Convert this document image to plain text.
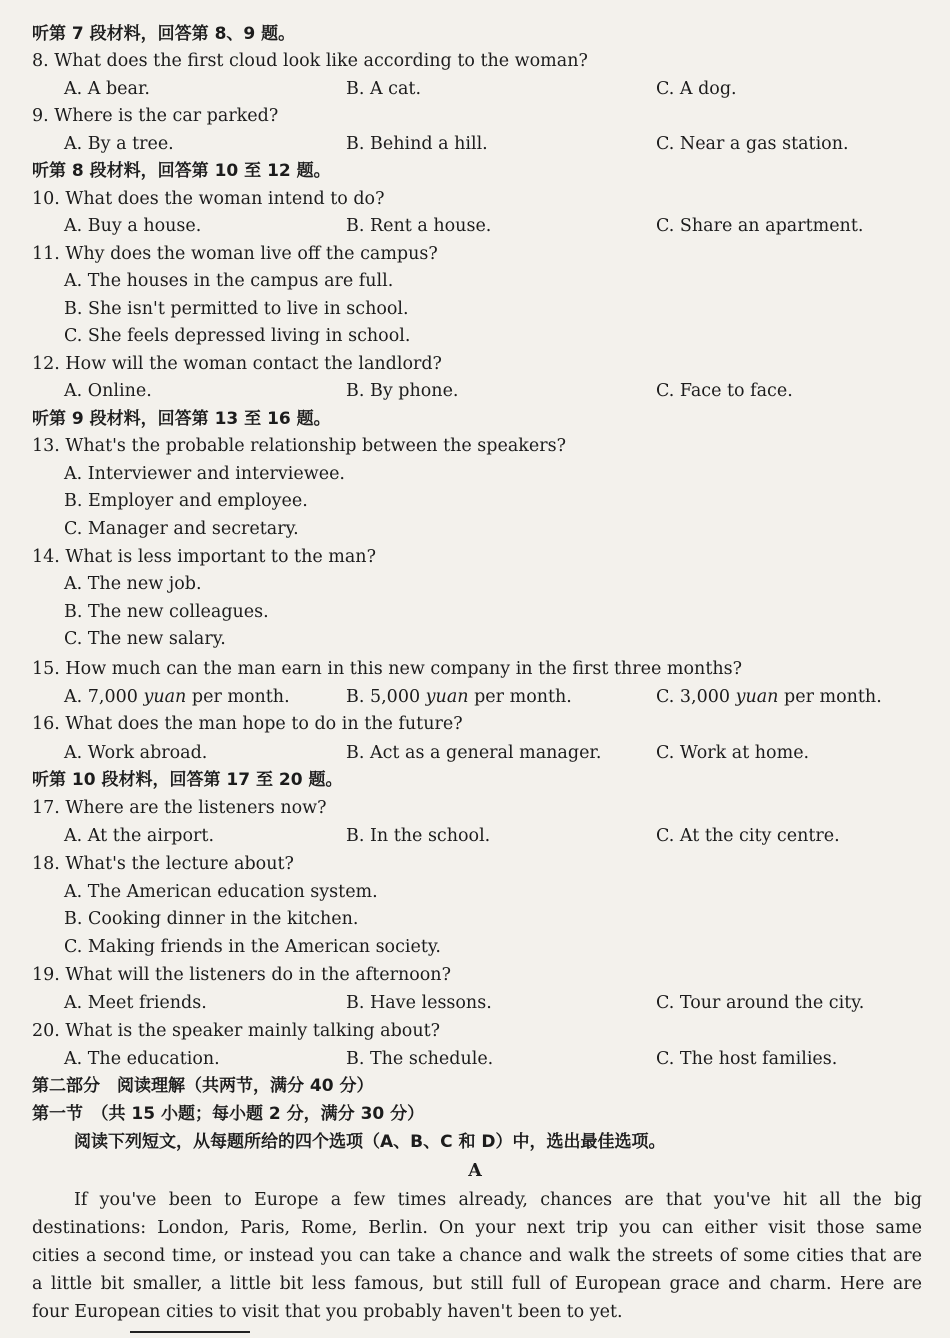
听第 7 段材料，回答第 8、9 题。
8. What does the first cloud look like according to the woman?
A. A bear.	B. A cat.	C. A dog.
9. Where is the car parked?
A. By a tree.	B. Behind a hill.	C. Near a gas station.
听第 8 段材料，回答第 10 至 12 题。
10. What does the woman intend to do?
A. Buy a house.	B. Rent a house.	C. Share an apartment.
11. Why does the woman live off the campus?
A. The houses in the campus are full.
B. She isn't permitted to live in school.
C. She feels depressed living in school.
12. How will the woman contact the landlord?
A. Online.	B. By phone.	C. Face to face.
听第 9 段材料，回答第 13 至 16 题。
13. What's the probable relationship between the speakers?
A. Interviewer and interviewee.
B. Employer and employee.
C. Manager and secretary.
14. What is less important to the man?
A. The new job.
B. The new colleagues.
C. The new salary.
15. How much can the man earn in this new company in the first three months?
A. 7,000 yuan per month.	B. 5,000 yuan per month.	C. 3,000 yuan per month.
16. What does the man hope to do in the future?
A. Work abroad.	B. Act as a general manager.	C. Work at home.
听第 10 段材料，回答第 17 至 20 题。
17. Where are the listeners now?
A. At the airport.	B. In the school.	C. At the city centre.
18. What's the lecture about?
A. The American education system.
B. Cooking dinner in the kitchen.
C. Making friends in the American society.
19. What will the listeners do in the afternoon?
A. Meet friends.	B. Have lessons.	C. Tour around the city.
20. What is the speaker mainly talking about?
A. The education.	B. The schedule.	C. The host families.
第二部分　阅读理解（共两节，满分 40 分）
第一节　（共 15 小题；每小题 2 分，满分 30 分）
阅读下列短文，从每题所给的四个选项（A、B、C 和 D）中，选出最佳选项。
A
If you've been to Europe a few times already, chances are that you've hit all the big
destinations: London, Paris, Rome, Berlin. On your next trip you can either visit those same
cities a second time, or instead you can take a chance and walk the streets of some cities that are
a little bit smaller, a little bit less famous, but still full of European grace and charm. Here are
four European cities to visit that you probably haven't been to yet.
